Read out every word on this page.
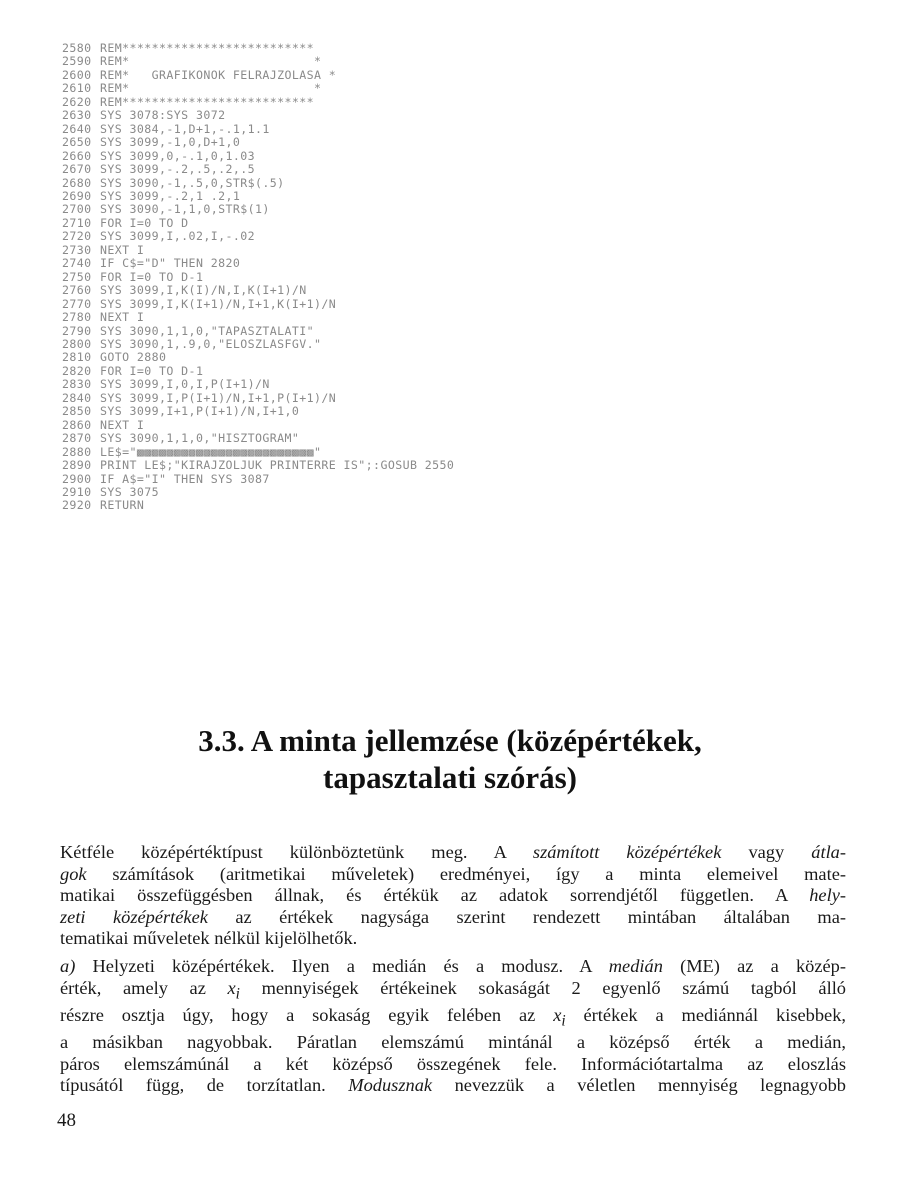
2580 REM**************************
2590 REM*                         *
2600 REM*   GRAFIKONOK FELRAJZOLASA *
2610 REM*                         *
2620 REM**************************
2630 SYS 3078:SYS 3072
2640 SYS 3084,-1,D+1,-.1,1.1
2650 SYS 3099,-1,0,D+1,0
2660 SYS 3099,0,-.1,0,1.03
2670 SYS 3099,-.2,.5,.2,.5
2680 SYS 3090,-1,.5,0,STR$(.5)
2690 SYS 3099,-.2,1 .2,1
2700 SYS 3090,-1,1,0,STR$(1)
2710 FOR I=0 TO D
2720 SYS 3099,I,.02,I,-.02
2730 NEXT I
2740 IF C$="D" THEN 2820
2750 FOR I=0 TO D-1
2760 SYS 3099,I,K(I)/N,I,K(I+1)/N
2770 SYS 3099,I,K(I+1)/N,I+1,K(I+1)/N
2780 NEXT I
2790 SYS 3090,1,1,0,"TAPASZTALATI"
2800 SYS 3090,1,.9,0,"ELOSZLASFGV."
2810 GOTO 2880
2820 FOR I=0 TO D-1
2830 SYS 3099,I,0,I,P(I+1)/N
2840 SYS 3099,I,P(I+1)/N,I+1,P(I+1)/N
2850 SYS 3099,I+1,P(I+1)/N,I+1,0
2860 NEXT I
2870 SYS 3090,1,1,0,"HISZTOGRAM"
2880 LE$="▩▩▩▩▩▩▩▩▩▩▩▩▩▩▩▩▩▩▩▩▩▩▩▩"
2890 PRINT LE$;"KIRAJZOLJUK PRINTERRE IS";:GOSUB 2550
2900 IF A$="I" THEN SYS 3087
2910 SYS 3075
2920 RETURN
3.3. A minta jellemzése (középértékek,
tapasztalati szórás)
Kétféle középértéktípust különböztetünk meg. A számított középértékek vagy átla-
gok számítások (aritmetikai műveletek) eredményei, így a minta elemeivel mate-
matikai összefüggésben állnak, és értékük az adatok sorrendjétől független. A hely-
zeti középértékek az értékek nagysága szerint rendezett mintában általában ma-
tematikai műveletek nélkül kijelölhetők.
a) Helyzeti középértékek. Ilyen a medián és a modusz. A medián (ME) az a közép-
érték, amely az $x_i$ mennyiségek értékeinek sokaságát 2 egyenlő számú tagból álló
részre osztja úgy, hogy a sokaság egyik felében az $x_i$ értékek a mediánnál kisebbek,
a másikban nagyobbak. Páratlan elemszámú mintánál a középső érték a medián,
páros elemszámúnál a két középső összegének fele. Információtartalma az eloszlás
típusától függ, de torzítatlan. Modusznak nevezzük a véletlen mennyiség legnagyobb
48
